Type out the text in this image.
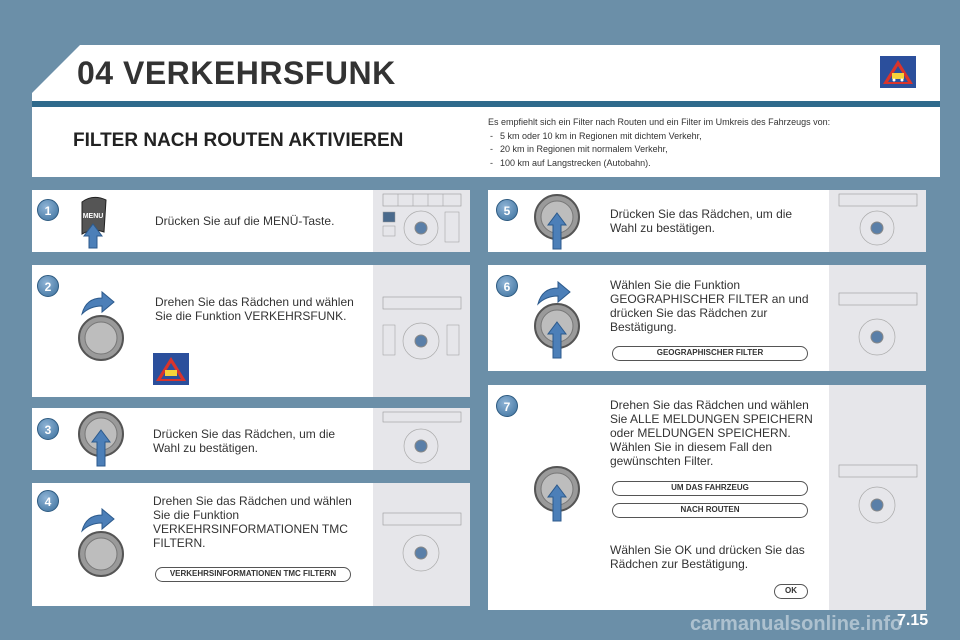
04 VERKEHRSFUNK
FILTER NACH ROUTEN AKTIVIEREN
Es empfiehlt sich ein Filter nach Routen und ein Filter im Umkreis des Fahrzeugs von:
- 5 km oder 10 km in Regionen mit dichtem Verkehr,
- 20 km in Regionen mit normalem Verkehr,
- 100 km auf Langstrecken (Autobahn).
1	MENU	Drücken Sie auf die MENÜ-Taste.
2
Drehen Sie das Rädchen und wählen Sie die Funktion VERKEHRSFUNK.
3	Drücken Sie das Rädchen, um die Wahl zu bestätigen.
4	Drehen Sie das Rädchen und wählen Sie die Funktion VERKEHRSINFORMATIONEN TMC FILTERN.
VERKEHRSINFORMATIONEN TMC FILTERN
5	Drücken Sie das Rädchen, um die Wahl zu bestätigen.
6	Wählen Sie die Funktion GEOGRAPHISCHER FILTER an und drücken Sie das Rädchen zur Bestätigung.
GEOGRAPHISCHER FILTER
7	Drehen Sie das Rädchen und wählen Sie ALLE MELDUNGEN SPEICHERN oder MELDUNGEN SPEICHERN. Wählen Sie in diesem Fall den gewünschten Filter.
UM DAS FAHRZEUG
NACH ROUTEN
Wählen Sie OK und drücken Sie das Rädchen zur Bestätigung.
OK
carmanualsonline.info
7.15
